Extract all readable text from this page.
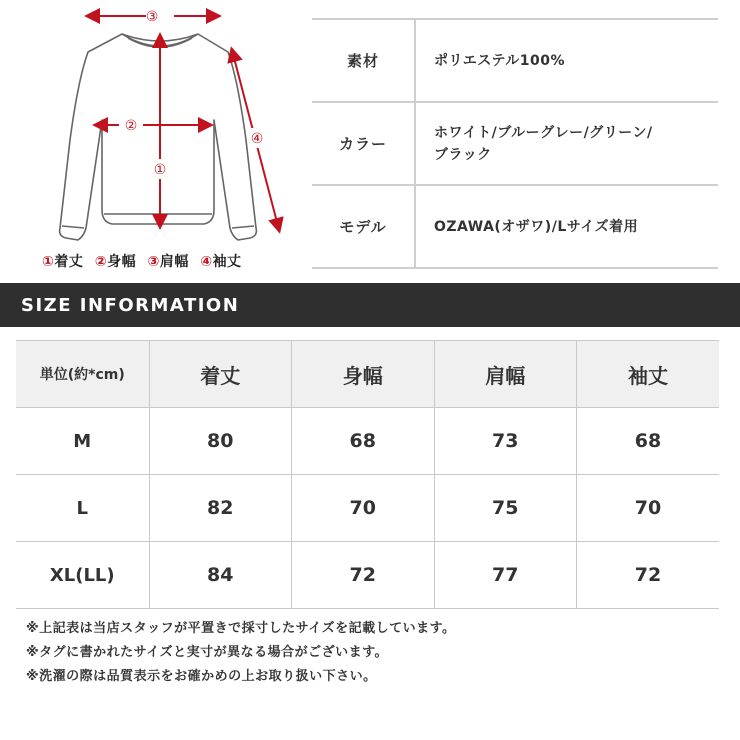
③
②
①
④
①着丈 ②身幅 ③肩幅 ④袖丈
素材	ポリエステル100%
カラー
ホワイト/ブルーグレー/グリーン/
ブラック
モデル	OZAWA(オザワ)/Lサイズ着用
SIZE INFORMATION
単位(約*cm)	着丈	身幅	肩幅	袖丈
M	80	68	73	68
L	82	70	75	70
XL(LL)	84	72	77	72
※上記表は当店スタッフが平置きで採寸したサイズを記載しています。
※タグに書かれたサイズと実寸が異なる場合がございます。
※洗濯の際は品質表示をお確かめの上お取り扱い下さい。
